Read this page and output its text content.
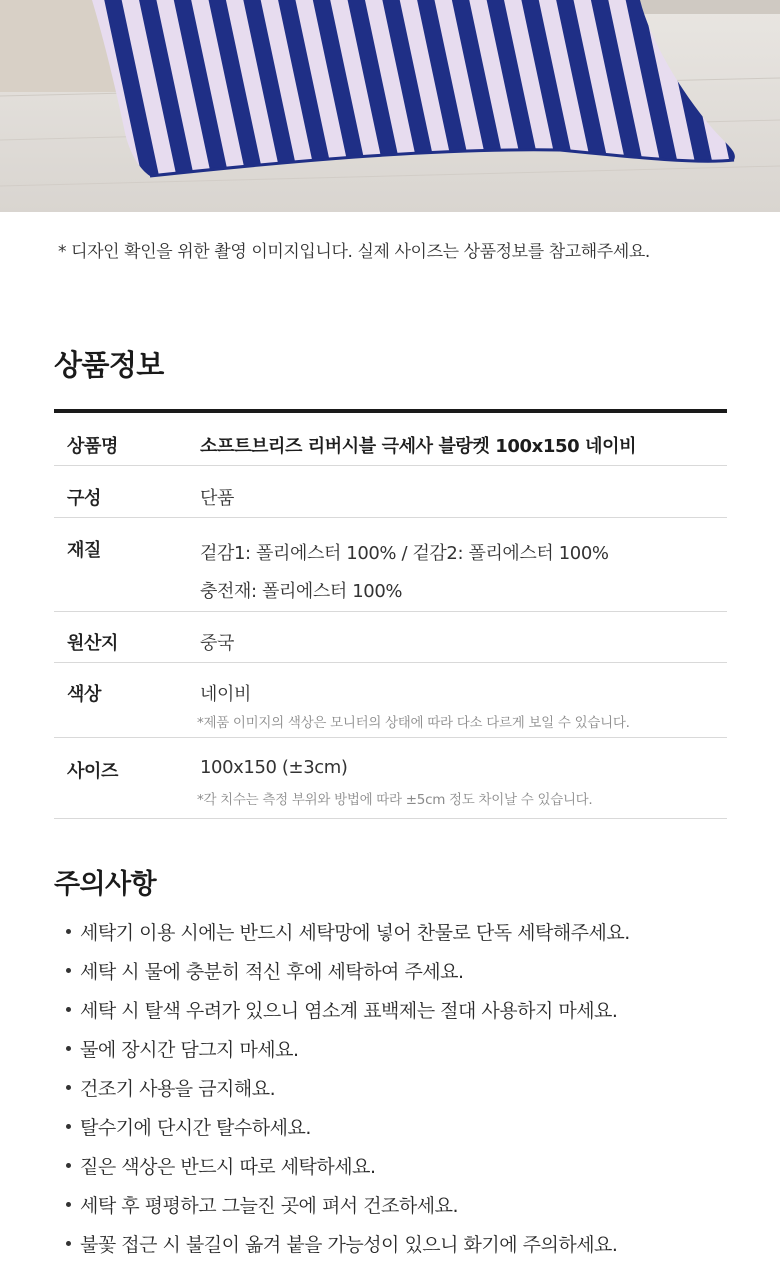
* 디자인 확인을 위한 촬영 이미지입니다. 실제 사이즈는 상품정보를 참고해주세요.
상품정보
상품명	소프트브리즈 리버시블 극세사 블랑켓 100x150 네이비
구성	단품
재질	겉감1: 폴리에스터 100% / 겉감2: 폴리에스터 100%
충전재: 폴리에스터 100%
원산지	중국
색상	네이비
*제품 이미지의 색상은 모니터의 상태에 따라 다소 다르게 보일 수 있습니다.
사이즈	100x150 (±3cm)
*각 치수는 측정 부위와 방법에 따라 ±5cm 정도 차이날 수 있습니다.
주의사항
세탁기 이용 시에는 반드시 세탁망에 넣어 찬물로 단독 세탁해주세요.
세탁 시 물에 충분히 적신 후에 세탁하여 주세요.
세탁 시 탈색 우려가 있으니 염소계 표백제는 절대 사용하지 마세요.
물에 장시간 담그지 마세요.
건조기 사용을 금지해요.
탈수기에 단시간 탈수하세요.
짙은 색상은 반드시 따로 세탁하세요.
세탁 후 평평하고 그늘진 곳에 펴서 건조하세요.
불꽃 접근 시 불길이 옮겨 붙을 가능성이 있으니 화기에 주의하세요.
